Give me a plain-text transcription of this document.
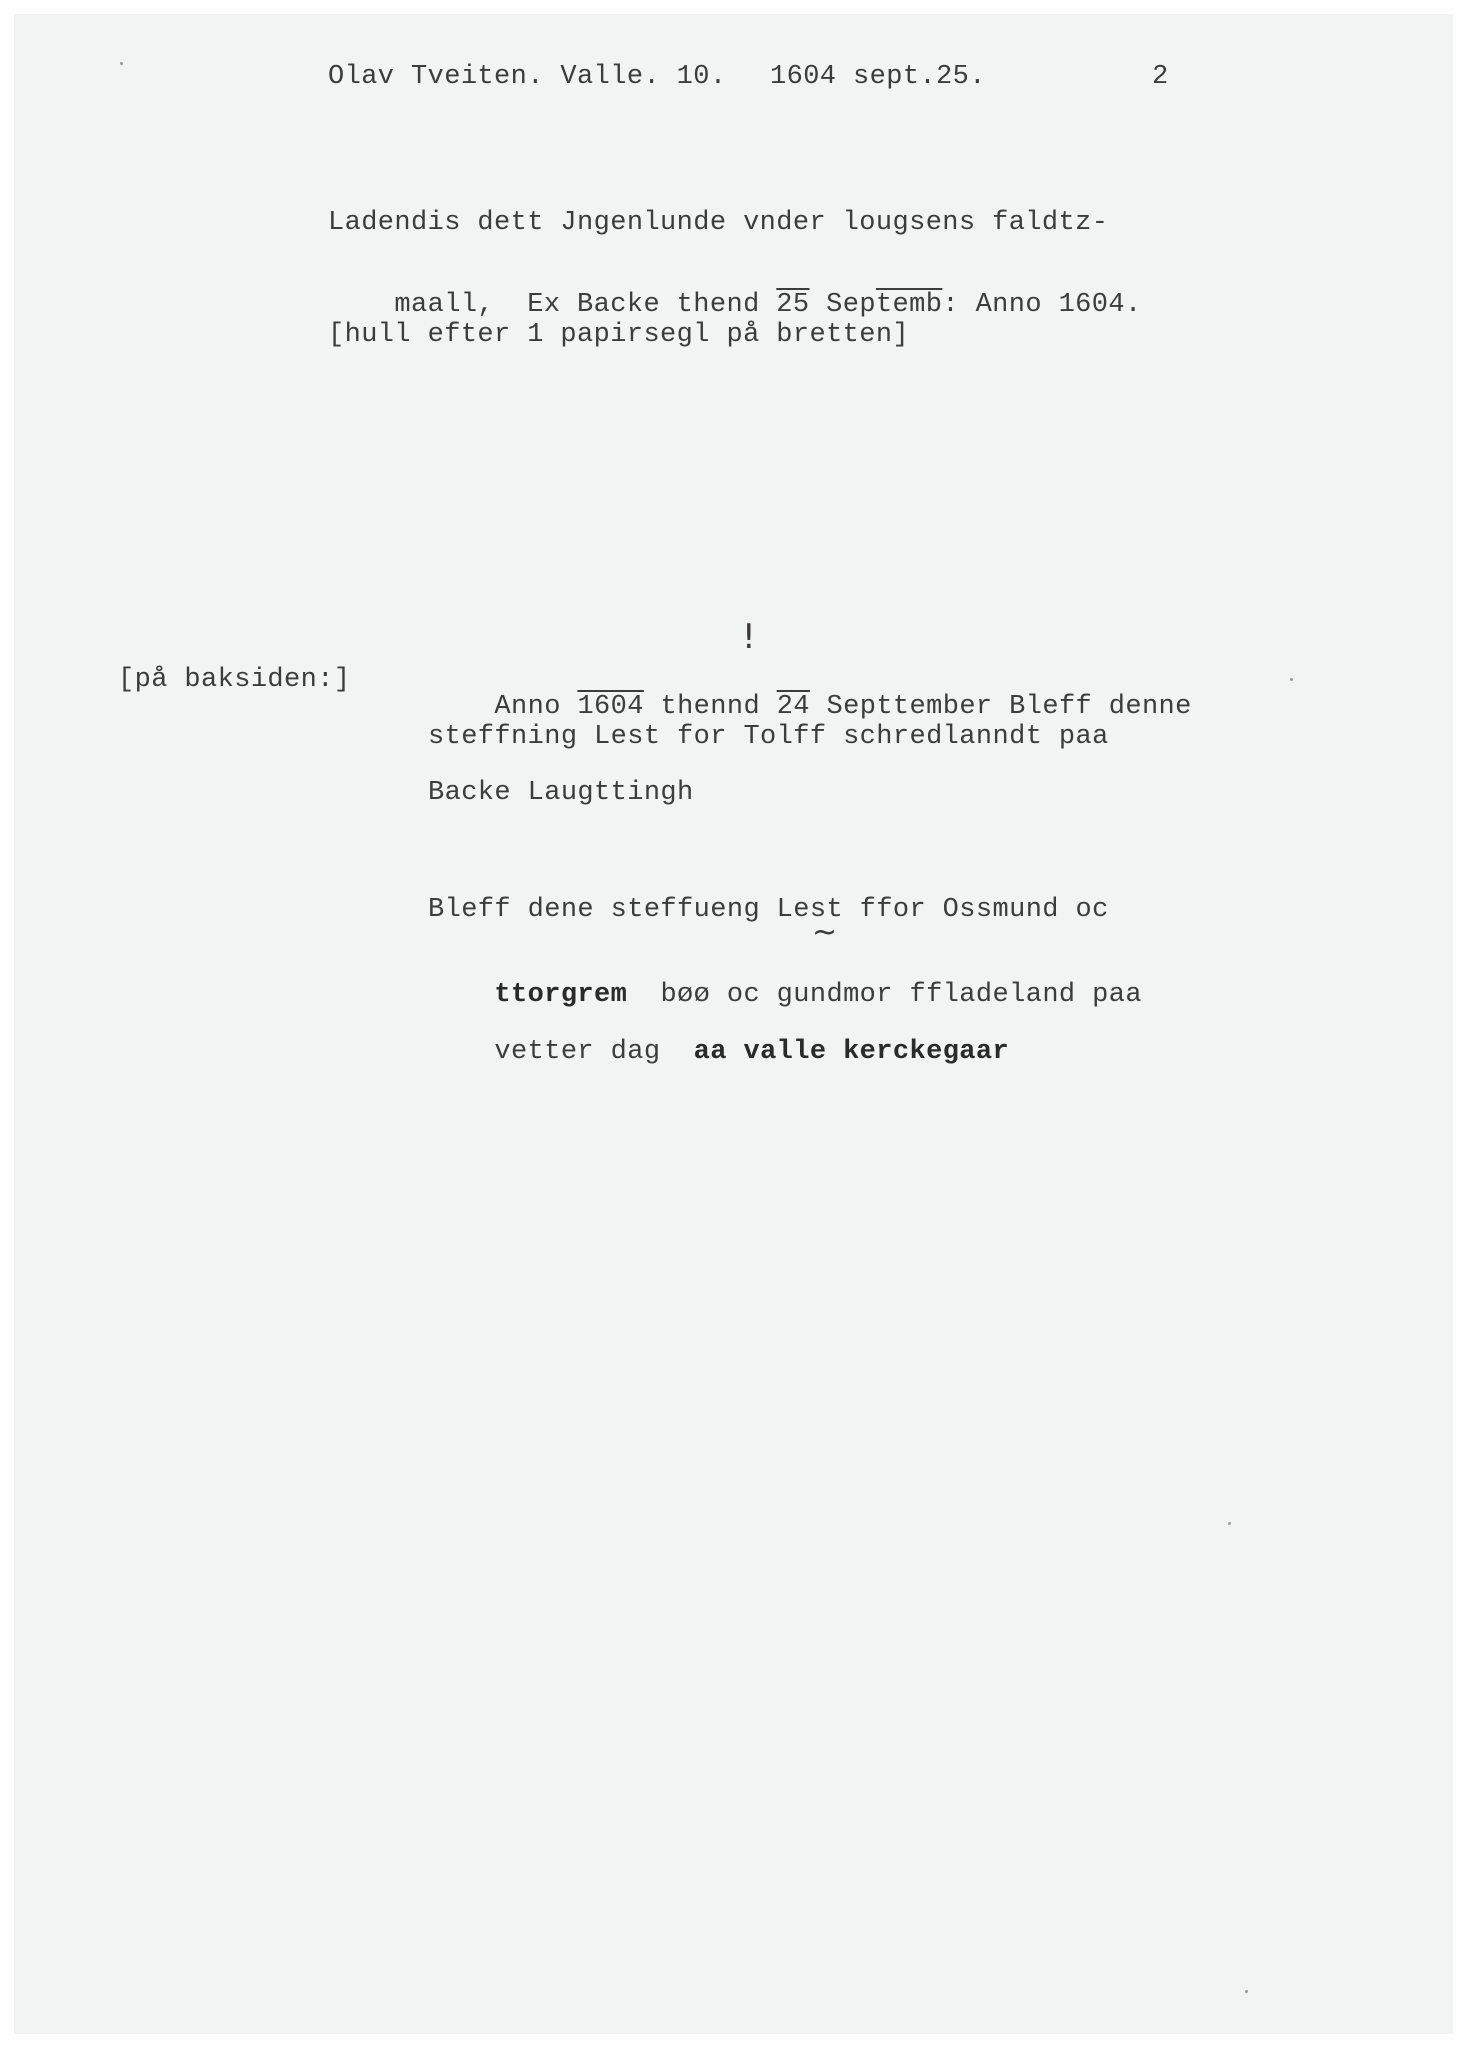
Olav Tveiten. Valle. 10. 1604 sept.25.	2
Ladendis dett Jngenlunde vnder lougsens faldtz-

maall,  Ex Backe thend 25 Septemb: Anno 1604.

[hull efter 1 papirsegl på bretten]
!
[på baksiden:]

Anno 1604 thennd 24 Septtember Bleff denne

steffning Lest for Tolff schredlanndt paa
Backe Laugttingh
Bleff dene steffueng Lest ffor Ossmund oc
~

ttorgrem  bøø oc gundmor ffladeland paa

vetter dag  aa valle kerckegaar
